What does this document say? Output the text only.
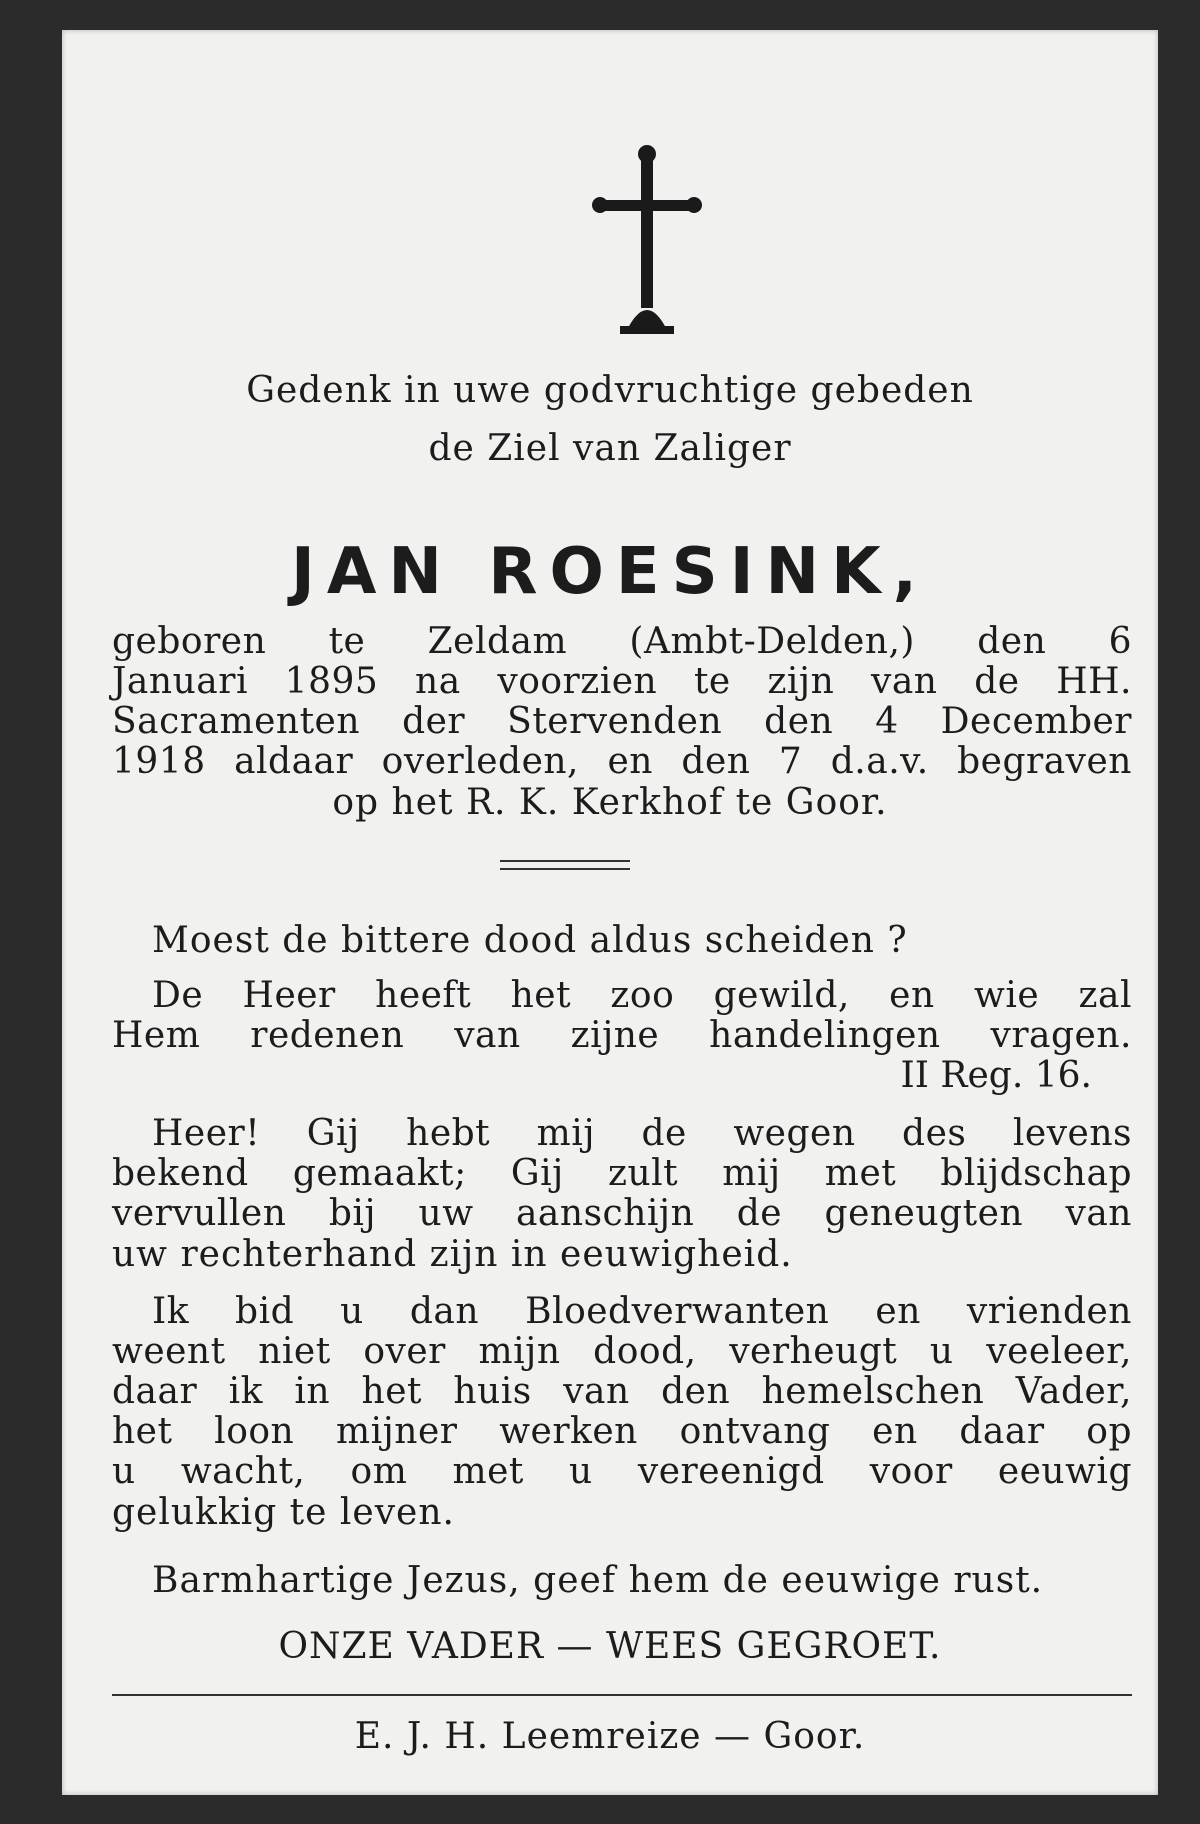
Gedenk in uwe godvruchtige gebeden
de Ziel van Zaliger
JAN ROESINK,
geboren te Zeldam (Ambt-Delden,) den 6
Januari 1895 na voorzien te zijn van de HH.
Sacramenten der Stervenden den 4 December
1918 aldaar overleden, en den 7 d.a.v. begraven
op het R. K. Kerkhof te Goor.
Moest de bittere dood aldus scheiden ?
De Heer heeft het zoo gewild, en wie zal
Hem redenen van zijne handelingen vragen.
II Reg. 16.
Heer! Gij hebt mij de wegen des levens
bekend gemaakt; Gij zult mij met blijdschap
vervullen bij uw aanschijn de geneugten van
uw rechterhand zijn in eeuwigheid.
Ik bid u dan Bloedverwanten en vrienden
weent niet over mijn dood, verheugt u veeleer,
daar ik in het huis van den hemelschen Vader,
het loon mijner werken ontvang en daar op
u wacht, om met u vereenigd voor eeuwig
gelukkig te leven.
Barmhartige Jezus, geef hem de eeuwige rust.
ONZE VADER — WEES GEGROET.
E. J. H. Leemreize — Goor.
